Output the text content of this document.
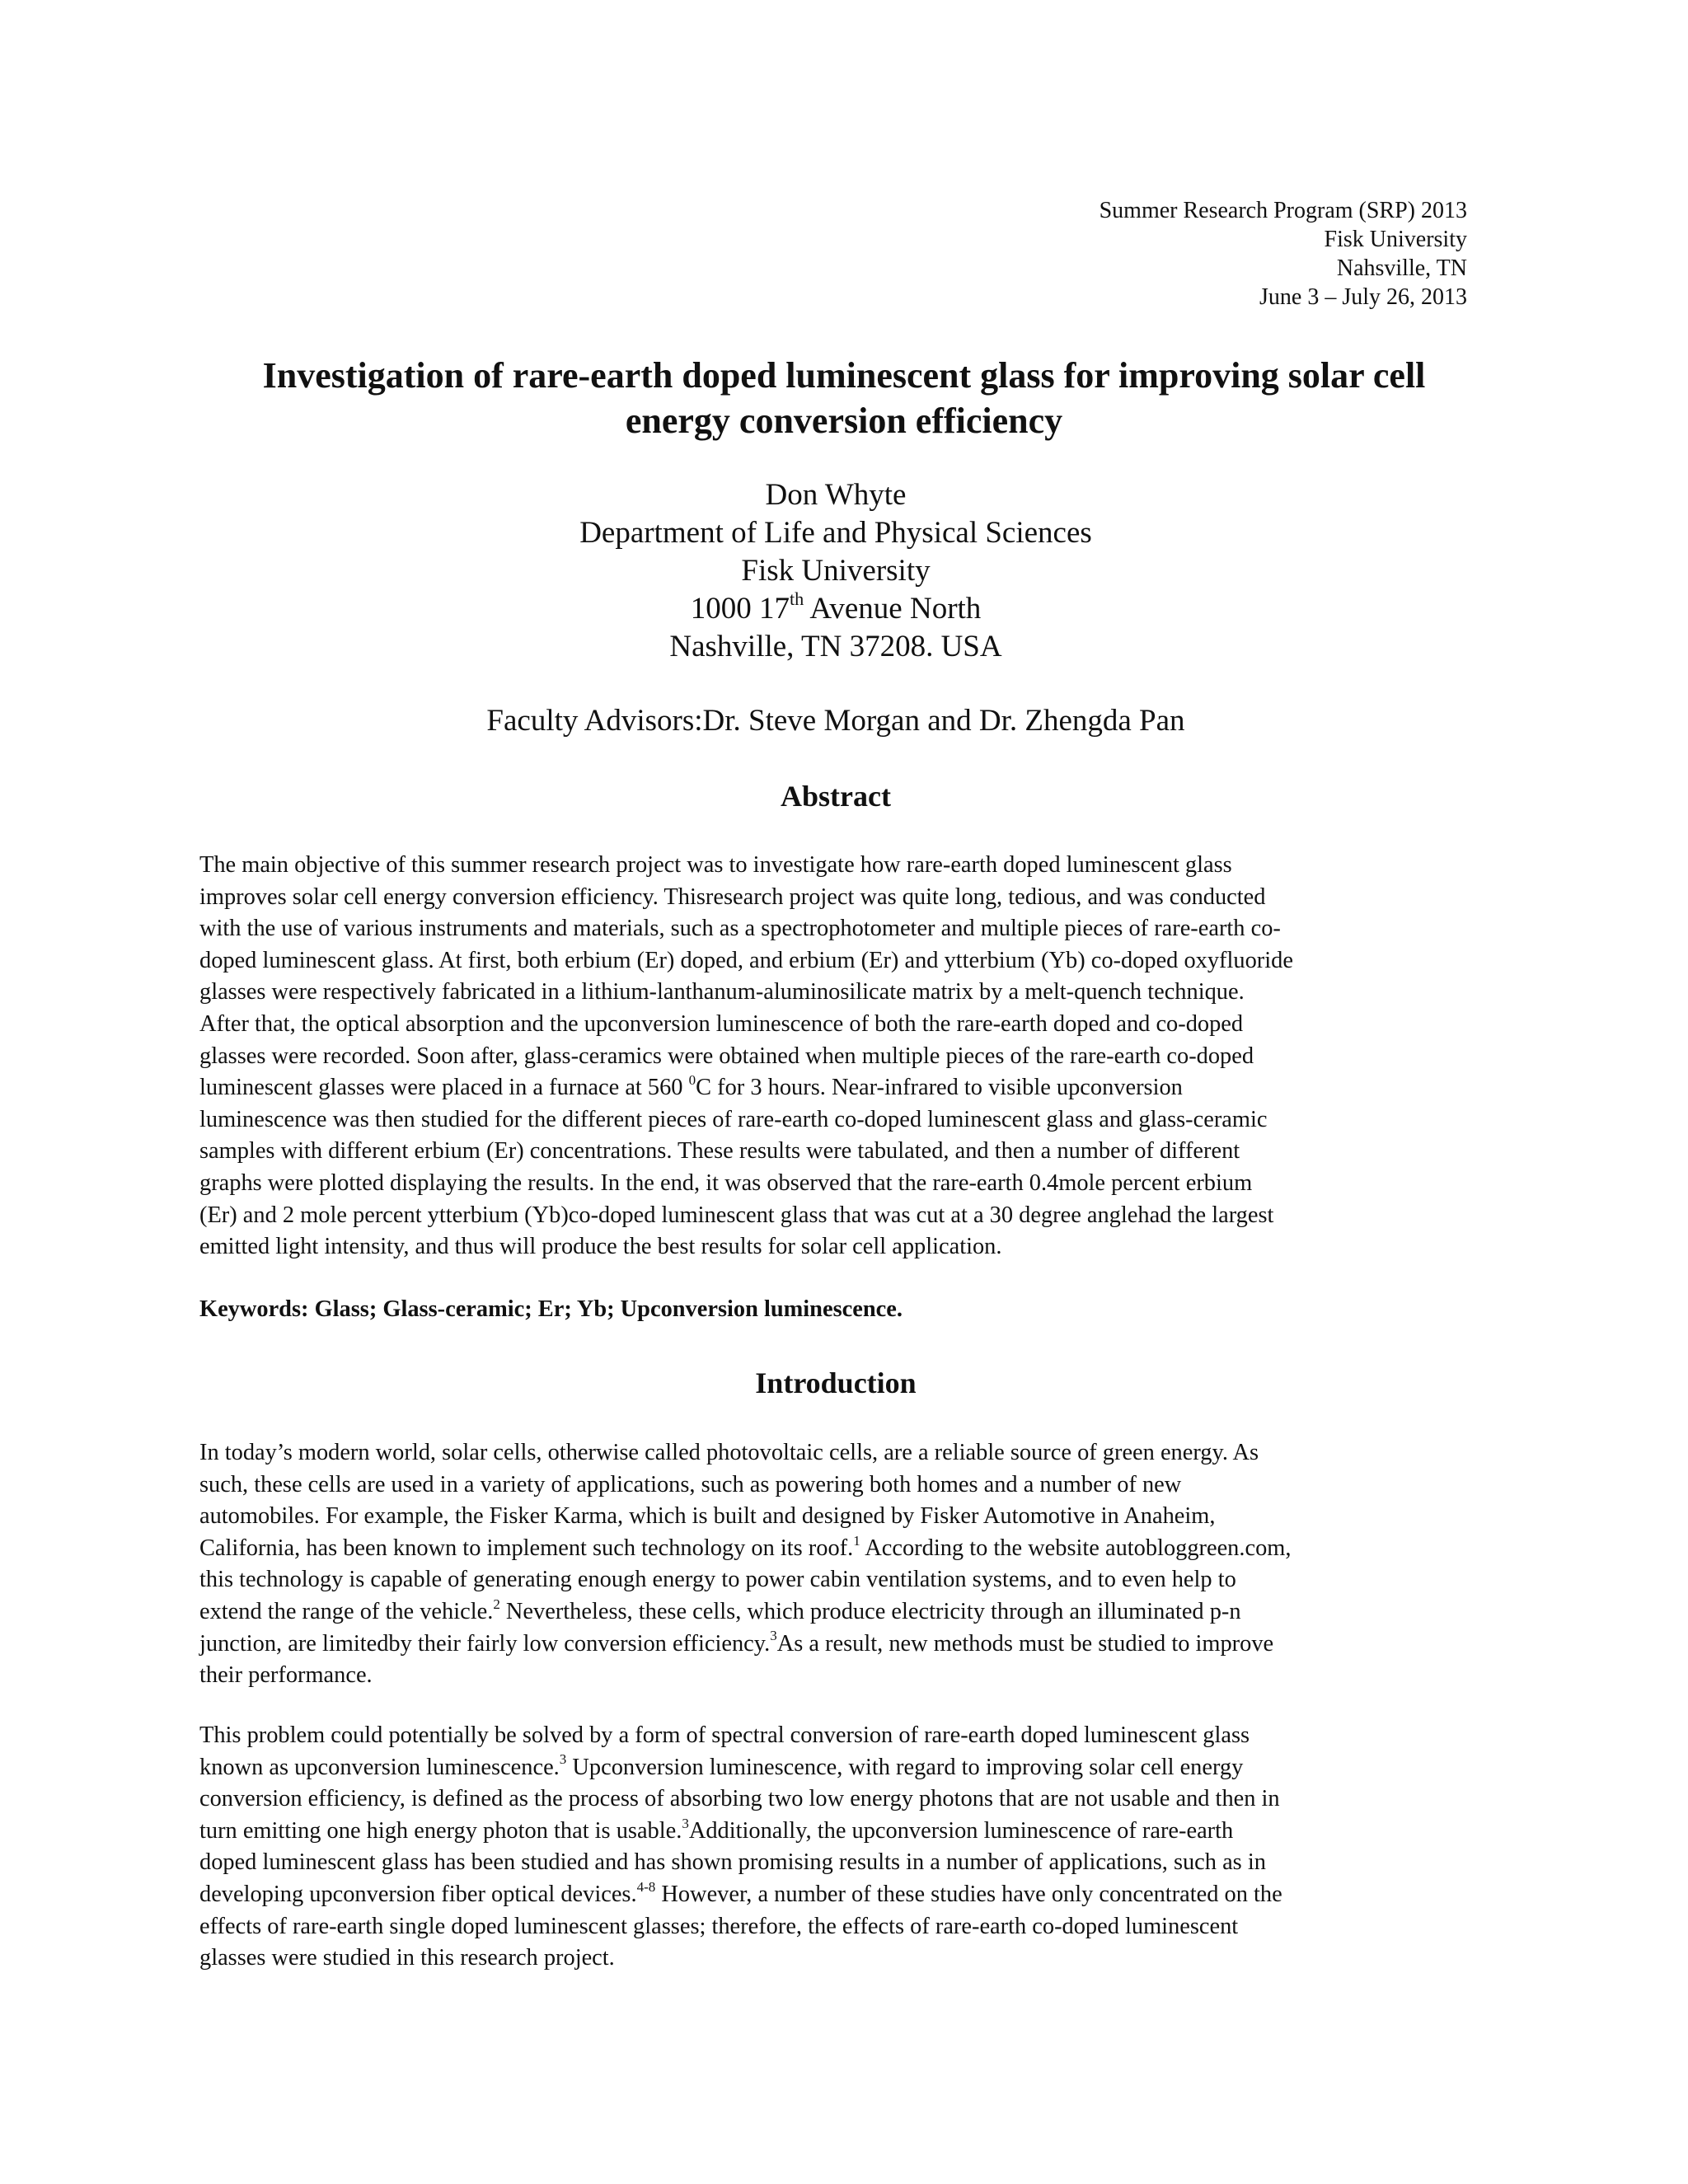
Summer Research Program (SRP) 2013
Fisk University
Nahsville, TN
June 3 – July 26, 2013
Investigation of rare-earth doped luminescent glass for improving solar cell
energy conversion efficiency
Don Whyte
Department of Life and Physical Sciences
Fisk University
1000 17th Avenue North
Nashville, TN 37208. USA
Faculty Advisors:Dr. Steve Morgan and Dr. Zhengda Pan
Abstract

The main objective of this summer research project was to investigate how rare-earth doped luminescent glass
improves solar cell energy conversion efficiency. Thisresearch project was quite long, tedious, and was conducted
with the use of various instruments and materials, such as a spectrophotometer and multiple pieces of rare-earth co-
doped luminescent glass. At first, both erbium (Er) doped, and erbium (Er) and ytterbium (Yb) co-doped oxyfluoride
glasses were respectively fabricated in a lithium-lanthanum-aluminosilicate matrix by a melt-quench technique.
After that, the optical absorption and the upconversion luminescence of both the rare-earth doped and co-doped
glasses were recorded. Soon after, glass-ceramics were obtained when multiple pieces of the rare-earth co-doped
luminescent glasses were placed in a furnace at 560 $^0$C for 3 hours. Near-infrared to visible upconversion
luminescence was then studied for the different pieces of rare-earth co-doped luminescent glass and glass-ceramic
samples with different erbium (Er) concentrations. These results were tabulated, and then a number of different
graphs were plotted displaying the results. In the end, it was observed that the rare-earth 0.4mole percent erbium
(Er) and 2 mole percent ytterbium (Yb)co-doped luminescent glass that was cut at a 30 degree anglehad the largest
emitted light intensity, and thus will produce the best results for solar cell application.

Keywords: Glass; Glass-ceramic; Er; Yb; Upconversion luminescence.

Introduction

In today’s modern world, solar cells, otherwise called photovoltaic cells, are a reliable source of green energy. As
such, these cells are used in a variety of applications, such as powering both homes and a number of new
automobiles. For example, the Fisker Karma, which is built and designed by Fisker Automotive in Anaheim,
California, has been known to implement such technology on its roof.$^1$ According to the website autobloggreen.com,
this technology is capable of generating enough energy to power cabin ventilation systems, and to even help to
extend the range of the vehicle.$^2$ Nevertheless, these cells, which produce electricity through an illuminated p-n
junction, are limitedby their fairly low conversion efficiency.$^3$As a result, new methods must be studied to improve
their performance.

This problem could potentially be solved by a form of spectral conversion of rare-earth doped luminescent glass
known as upconversion luminescence.$^3$ Upconversion luminescence, with regard to improving solar cell energy
conversion efficiency, is defined as the process of absorbing two low energy photons that are not usable and then in
turn emitting one high energy photon that is usable.$^3$Additionally, the upconversion luminescence of rare-earth
doped luminescent glass has been studied and has shown promising results in a number of applications, such as in
developing upconversion fiber optical devices.$^{4-8}$ However, a number of these studies have only concentrated on the
effects of rare-earth single doped luminescent glasses; therefore, the effects of rare-earth co-doped luminescent
glasses were studied in this research project.
